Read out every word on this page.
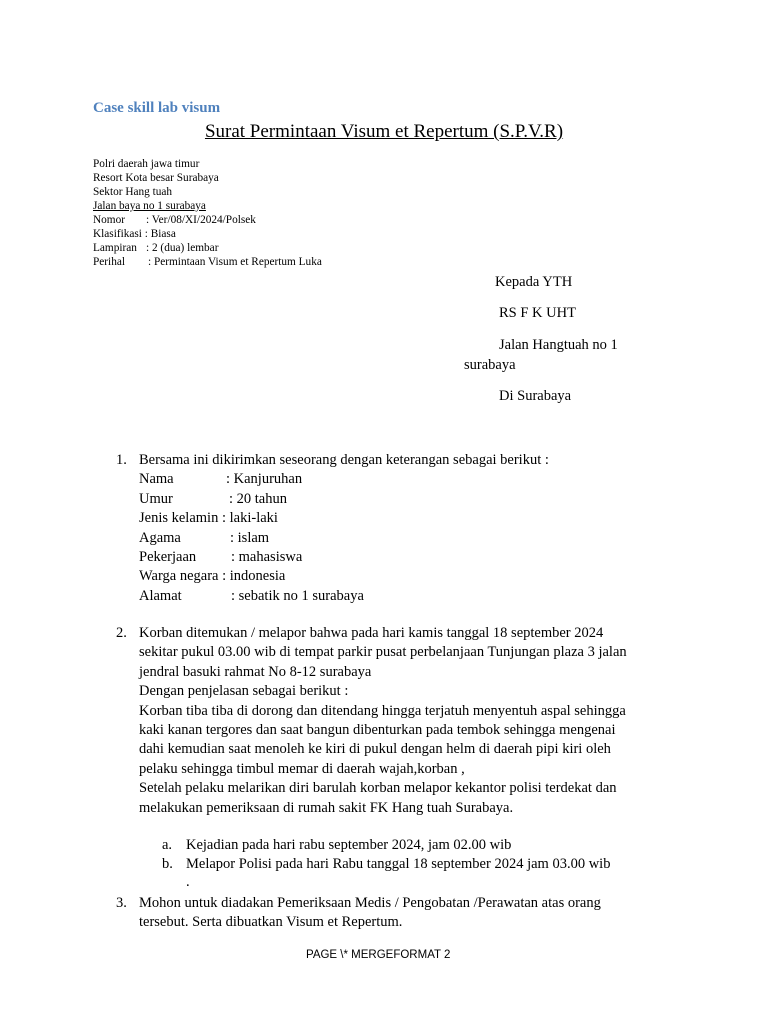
Case skill lab visum
Surat Permintaan Visum et Repertum (S.P.V.R)
Polri daerah jawa timur
Resort Kota besar Surabaya
Sektor Hang tuah
Jalan baya no 1 surabaya
Nomor : Ver/08/XI/2024/Polsek
Klasifikasi : Biasa
Lampiran : 2 (dua) lembar
Perihal : Permintaan Visum et Repertum Luka
Kepada YTH
RS F K UHT
Jalan Hangtuah no 1
surabaya
Di Surabaya
1. Bersama ini dikirimkan seseorang dengan keterangan sebagai berikut :
Nama	: Kanjuruhan
Umur	: 20 tahun
Jenis kelamin : laki-laki
Agama	: islam
Pekerjaan : mahasiswa
Warga negara : indonesia
Alamat	: sebatik no 1 surabaya
2. Korban ditemukan / melapor bahwa pada hari kamis tanggal 18 september 2024
sekitar pukul 03.00 wib di tempat parkir pusat perbelanjaan Tunjungan plaza 3 jalan
jendral basuki rahmat No 8-12 surabaya
Dengan penjelasan sebagai berikut :
Korban tiba tiba di dorong dan ditendang hingga terjatuh menyentuh aspal sehingga
kaki kanan tergores dan saat bangun dibenturkan pada tembok sehingga mengenai
dahi kemudian saat menoleh ke kiri di pukul dengan helm di daerah pipi kiri oleh
pelaku sehingga timbul memar di daerah wajah,korban ,
Setelah pelaku melarikan diri barulah korban melapor kekantor polisi terdekat dan
melakukan pemeriksaan di rumah sakit FK Hang tuah Surabaya.
a. Kejadian pada hari rabu september 2024, jam 02.00 wib
b. Melapor Polisi pada hari Rabu tanggal 18 september 2024 jam 03.00 wib
.
3. Mohon untuk diadakan Pemeriksaan Medis / Pengobatan /Perawatan atas orang
tersebut. Serta dibuatkan Visum et Repertum.
PAGE \* MERGEFORMAT 2
